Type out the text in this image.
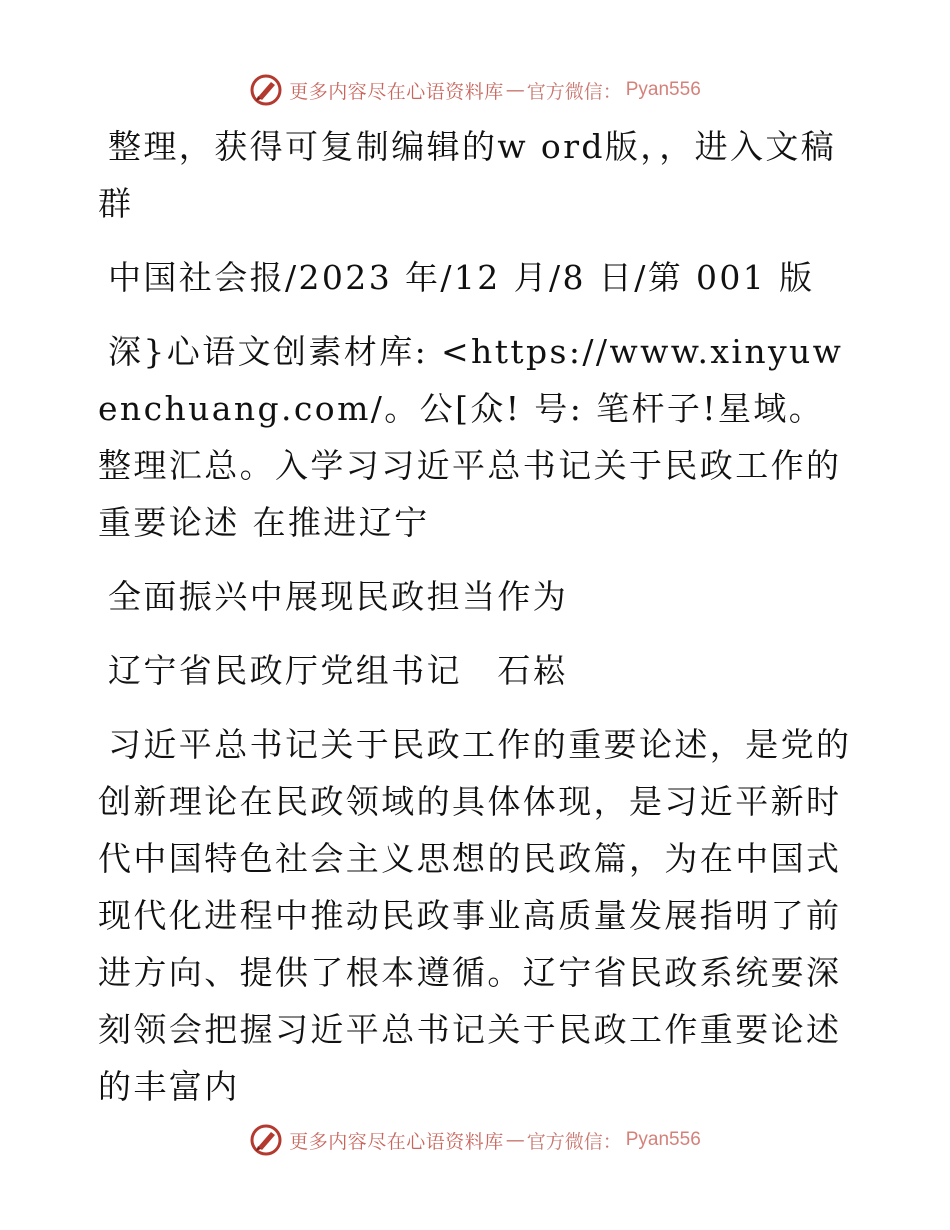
更多内容尽在心语资料库 — 官方微信： Pyan556

整理，获得可复制编辑的w ord版，，进入文稿群

中国社会报/2023 年/12 月/8 日/第 001 版

深}心语文创素材库: <https://www.xinyuwenchuang.com/。公[众! 号: 笔杆子!星域。整理汇总。入学习习近平总书记关于民政工作的重要论述 在推进辽宁

全面振兴中展现民政担当作为

辽宁省民政厅党组书记　石崧

习近平总书记关于民政工作的重要论述，是党的创新理论在民政领域的具体体现，是习近平新时代中国特色社会主义思想的民政篇，为在中国式现代化进程中推动民政事业高质量发展指明了前进方向、提供了根本遵循。辽宁省民政系统要深刻领会把握习近平总书记关于民政工作重要论述的丰富内

更多内容尽在心语资料库 — 官方微信： Pyan556
